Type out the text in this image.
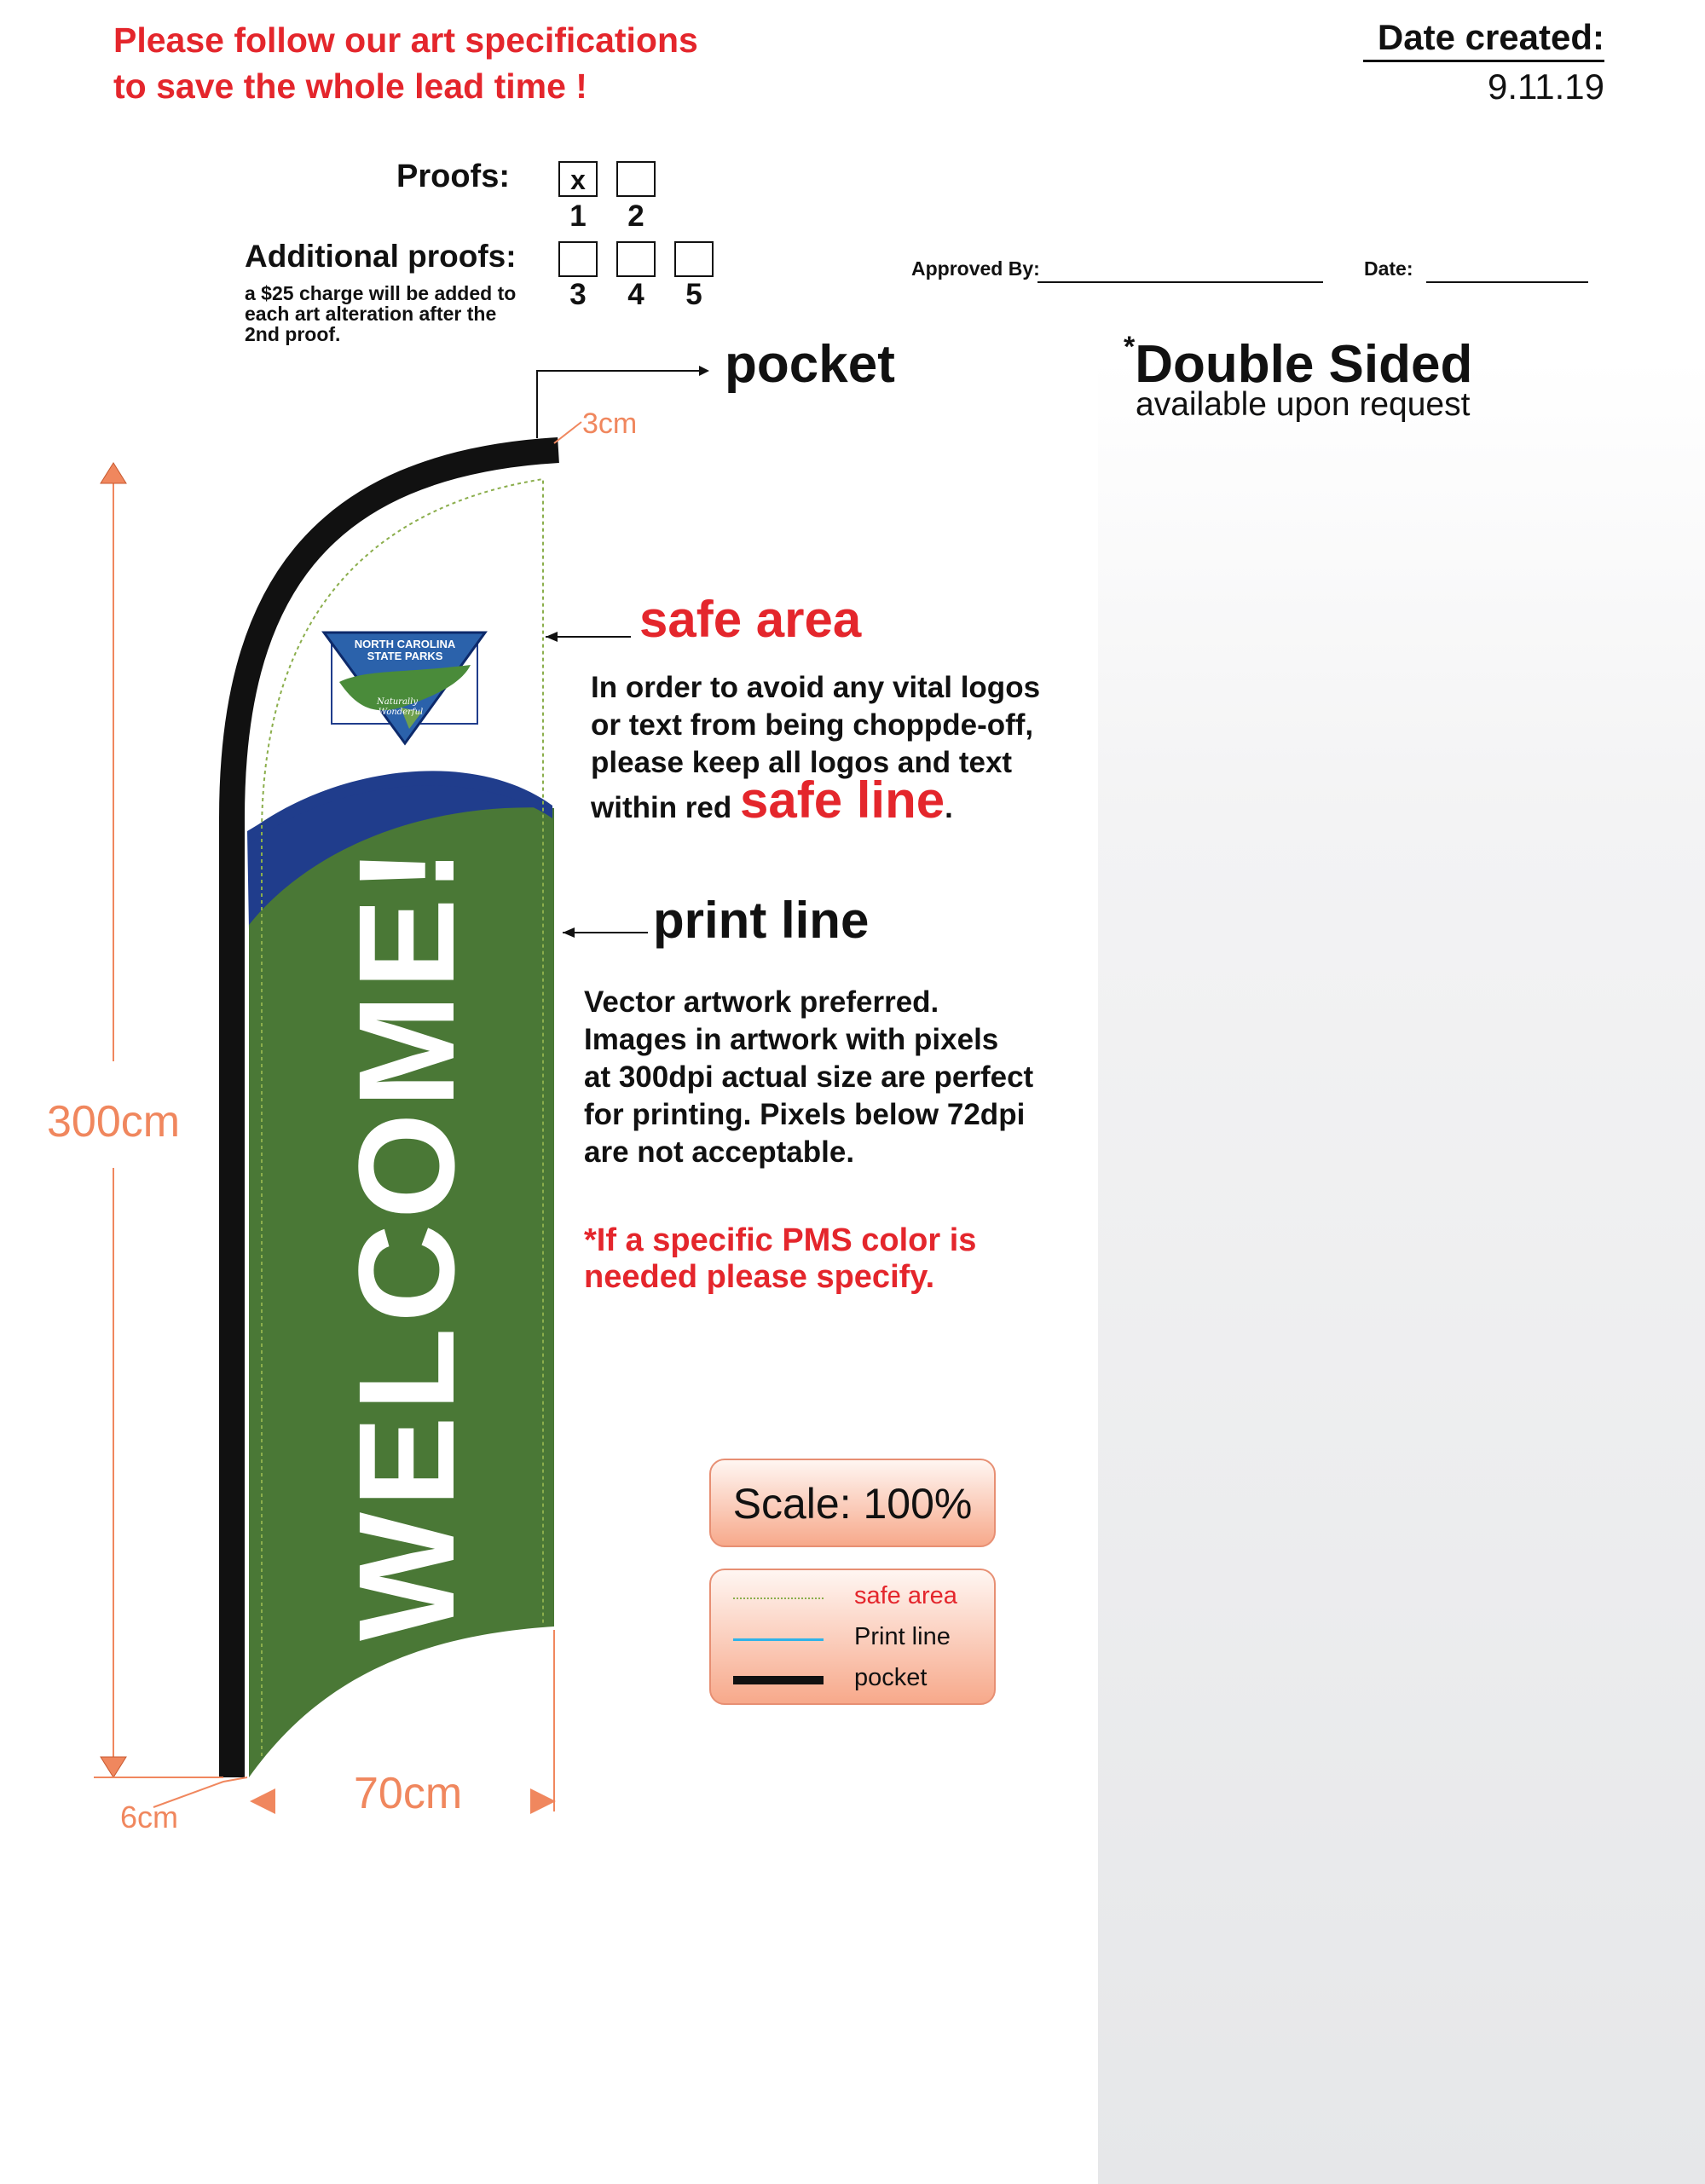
Please follow our art specifications
to save the whole lead time !
Date created:
9.11.19
Proofs:	x
1	2
Additional proofs:
a $25 charge will be added to each art alteration after the 2nd proof.
3	4	5
Approved By:	Date:
WELCOME!
NORTH CAROLINA
STATE PARKS
Naturally
Wonderful
pocket	*Double Sided
available upon request
safe area
In order to avoid any vital logos
or text from being choppde-off,
please keep all logos and text
within red safe line.
print line
Vector artwork preferred.
Images in artwork with pixels
at 300dpi actual size are perfect
for printing. Pixels below 72dpi
are not acceptable.
*If a specific PMS color is
needed please specify.
300cm
70cm
6cm
3cm
Scale: 100%
safe area
Print line
pocket
